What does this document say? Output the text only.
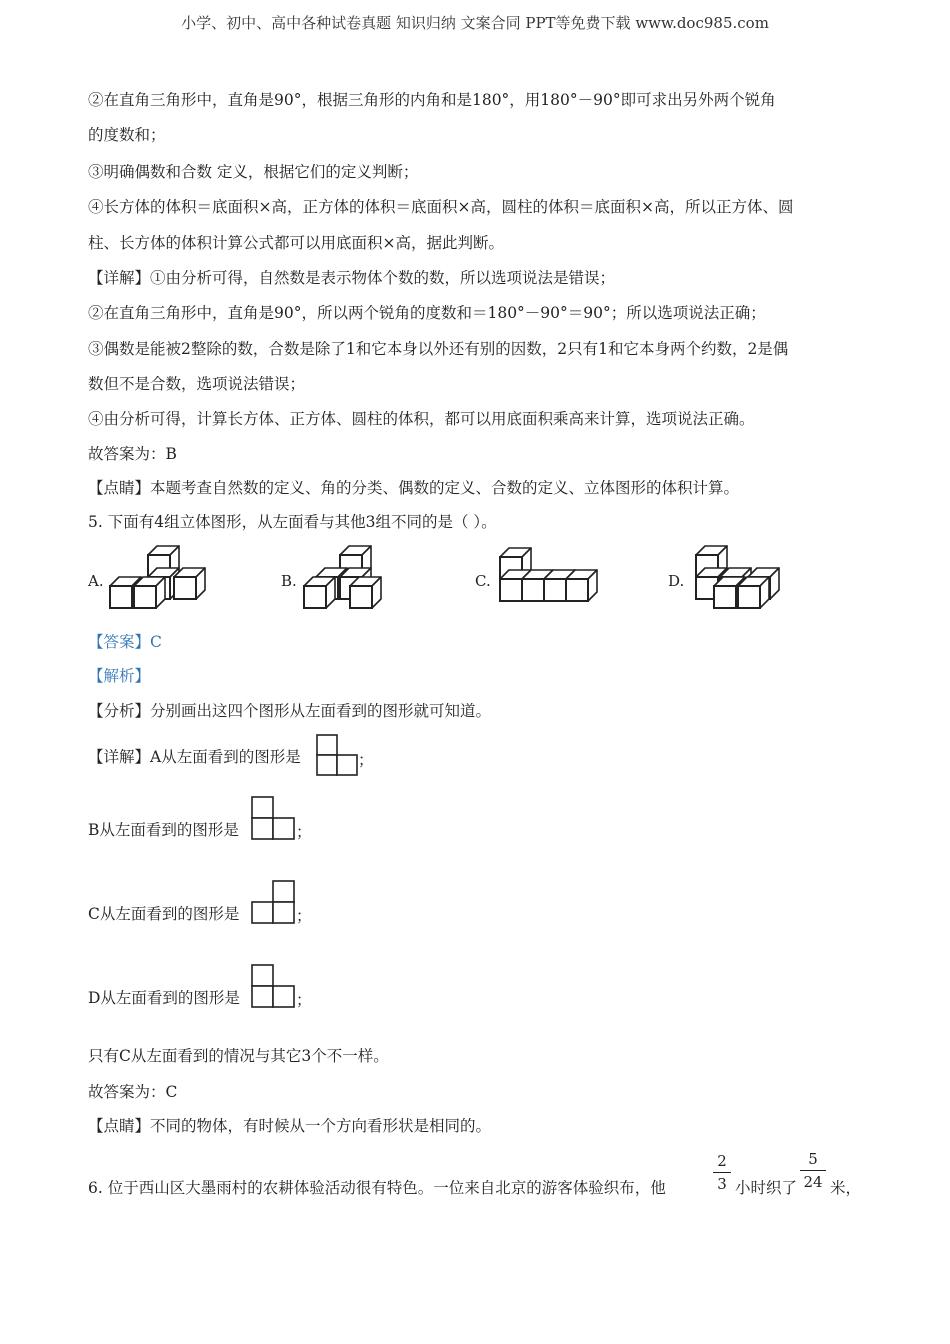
小学、初中、高中各种试卷真题 知识归纳 文案合同 PPT等免费下载 www.doc985.com
②在直角三角形中，直角是90°，根据三角形的内角和是180°，用180°－90°即可求出另外两个锐角
的度数和；
③明确偶数和合数 定义，根据它们的定义判断；
④长方体的体积＝底面积×高，正方体的体积＝底面积×高，圆柱的体积＝底面积×高，所以正方体、圆
柱、长方体的体积计算公式都可以用底面积×高，据此判断。
【详解】①由分析可得，自然数是表示物体个数的数，所以选项说法是错误；
②在直角三角形中，直角是90°，所以两个锐角的度数和＝180°－90°＝90°；所以选项说法正确；
③偶数是能被2整除的数，合数是除了1和它本身以外还有别的因数，2只有1和它本身两个约数，2是偶
数但不是合数，选项说法错误；
④由分析可得，计算长方体、正方体、圆柱的体积，都可以用底面积乘高来计算，选项说法正确。
故答案为：B
【点睛】本题考查自然数的定义、角的分类、偶数的定义、合数的定义、立体图形的体积计算。
5. 下面有4组立体图形，从左面看与其他3组不同的是（ ）。
A.	B.	C.	D.
【答案】C
【解析】
【分析】分别画出这四个图形从左面看到的图形就可知道。
【详解】A从左面看到的图形是	；
B从左面看到的图形是	；
C从左面看到的图形是	；
D从左面看到的图形是	；
只有C从左面看到的情况与其它3个不一样。
故答案为：C
【点睛】不同的物体，有时候从一个方向看形状是相同的。
6. 位于西山区大墨雨村的农耕体验活动很有特色。一位来自北京的游客体验织布，他
2
3 小时织了
5
24 米，
